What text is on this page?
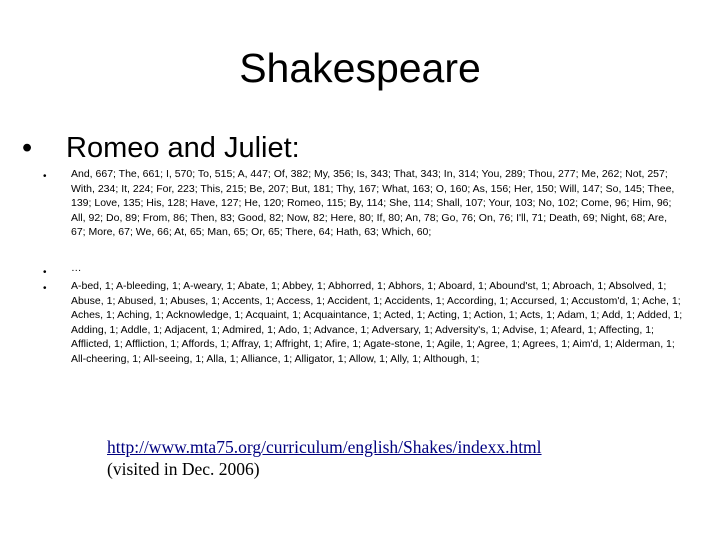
Shakespeare
• Romeo and Juliet:
• And, 667; The, 661; I, 570; To, 515; A, 447; Of, 382; My, 356; Is, 343; That, 343; In, 314; You, 289; Thou, 277; Me, 262; Not, 257; With, 234; It, 224; For, 223; This, 215; Be, 207; But, 181; Thy, 167; What, 163; O, 160; As, 156; Her, 150; Will, 147; So, 145; Thee, 139; Love, 135; His, 128; Have, 127; He, 120; Romeo, 115; By, 114; She, 114; Shall, 107; Your, 103; No, 102; Come, 96; Him, 96; All, 92; Do, 89; From, 86; Then, 83; Good, 82; Now, 82; Here, 80; If, 80; An, 78; Go, 76; On, 76; I'll, 71; Death, 69; Night, 68; Are, 67; More, 67; We, 66; At, 65; Man, 65; Or, 65; There, 64; Hath, 63; Which, 60;
• …
• A-bed, 1; A-bleeding, 1; A-weary, 1; Abate, 1; Abbey, 1; Abhorred, 1; Abhors, 1; Aboard, 1; Abound'st, 1; Abroach, 1; Absolved, 1; Abuse, 1; Abused, 1; Abuses, 1; Accents, 1; Access, 1; Accident, 1; Accidents, 1; According, 1; Accursed, 1; Accustom'd, 1; Ache, 1; Aches, 1; Aching, 1; Acknowledge, 1; Acquaint, 1; Acquaintance, 1; Acted, 1; Acting, 1; Action, 1; Acts, 1; Adam, 1; Add, 1; Added, 1; Adding, 1; Addle, 1; Adjacent, 1; Admired, 1; Ado, 1; Advance, 1; Adversary, 1; Adversity's, 1; Advise, 1; Afeard, 1; Affecting, 1; Afflicted, 1; Affliction, 1; Affords, 1; Affray, 1; Affright, 1; Afire, 1; Agate-stone, 1; Agile, 1; Agree, 1; Agrees, 1; Aim'd, 1; Alderman, 1; All-cheering, 1; All-seeing, 1; Alla, 1; Alliance, 1; Alligator, 1; Allow, 1; Ally, 1; Although, 1;
http://www.mta75.org/curriculum/english/Shakes/indexx.html
(visited in Dec. 2006)
